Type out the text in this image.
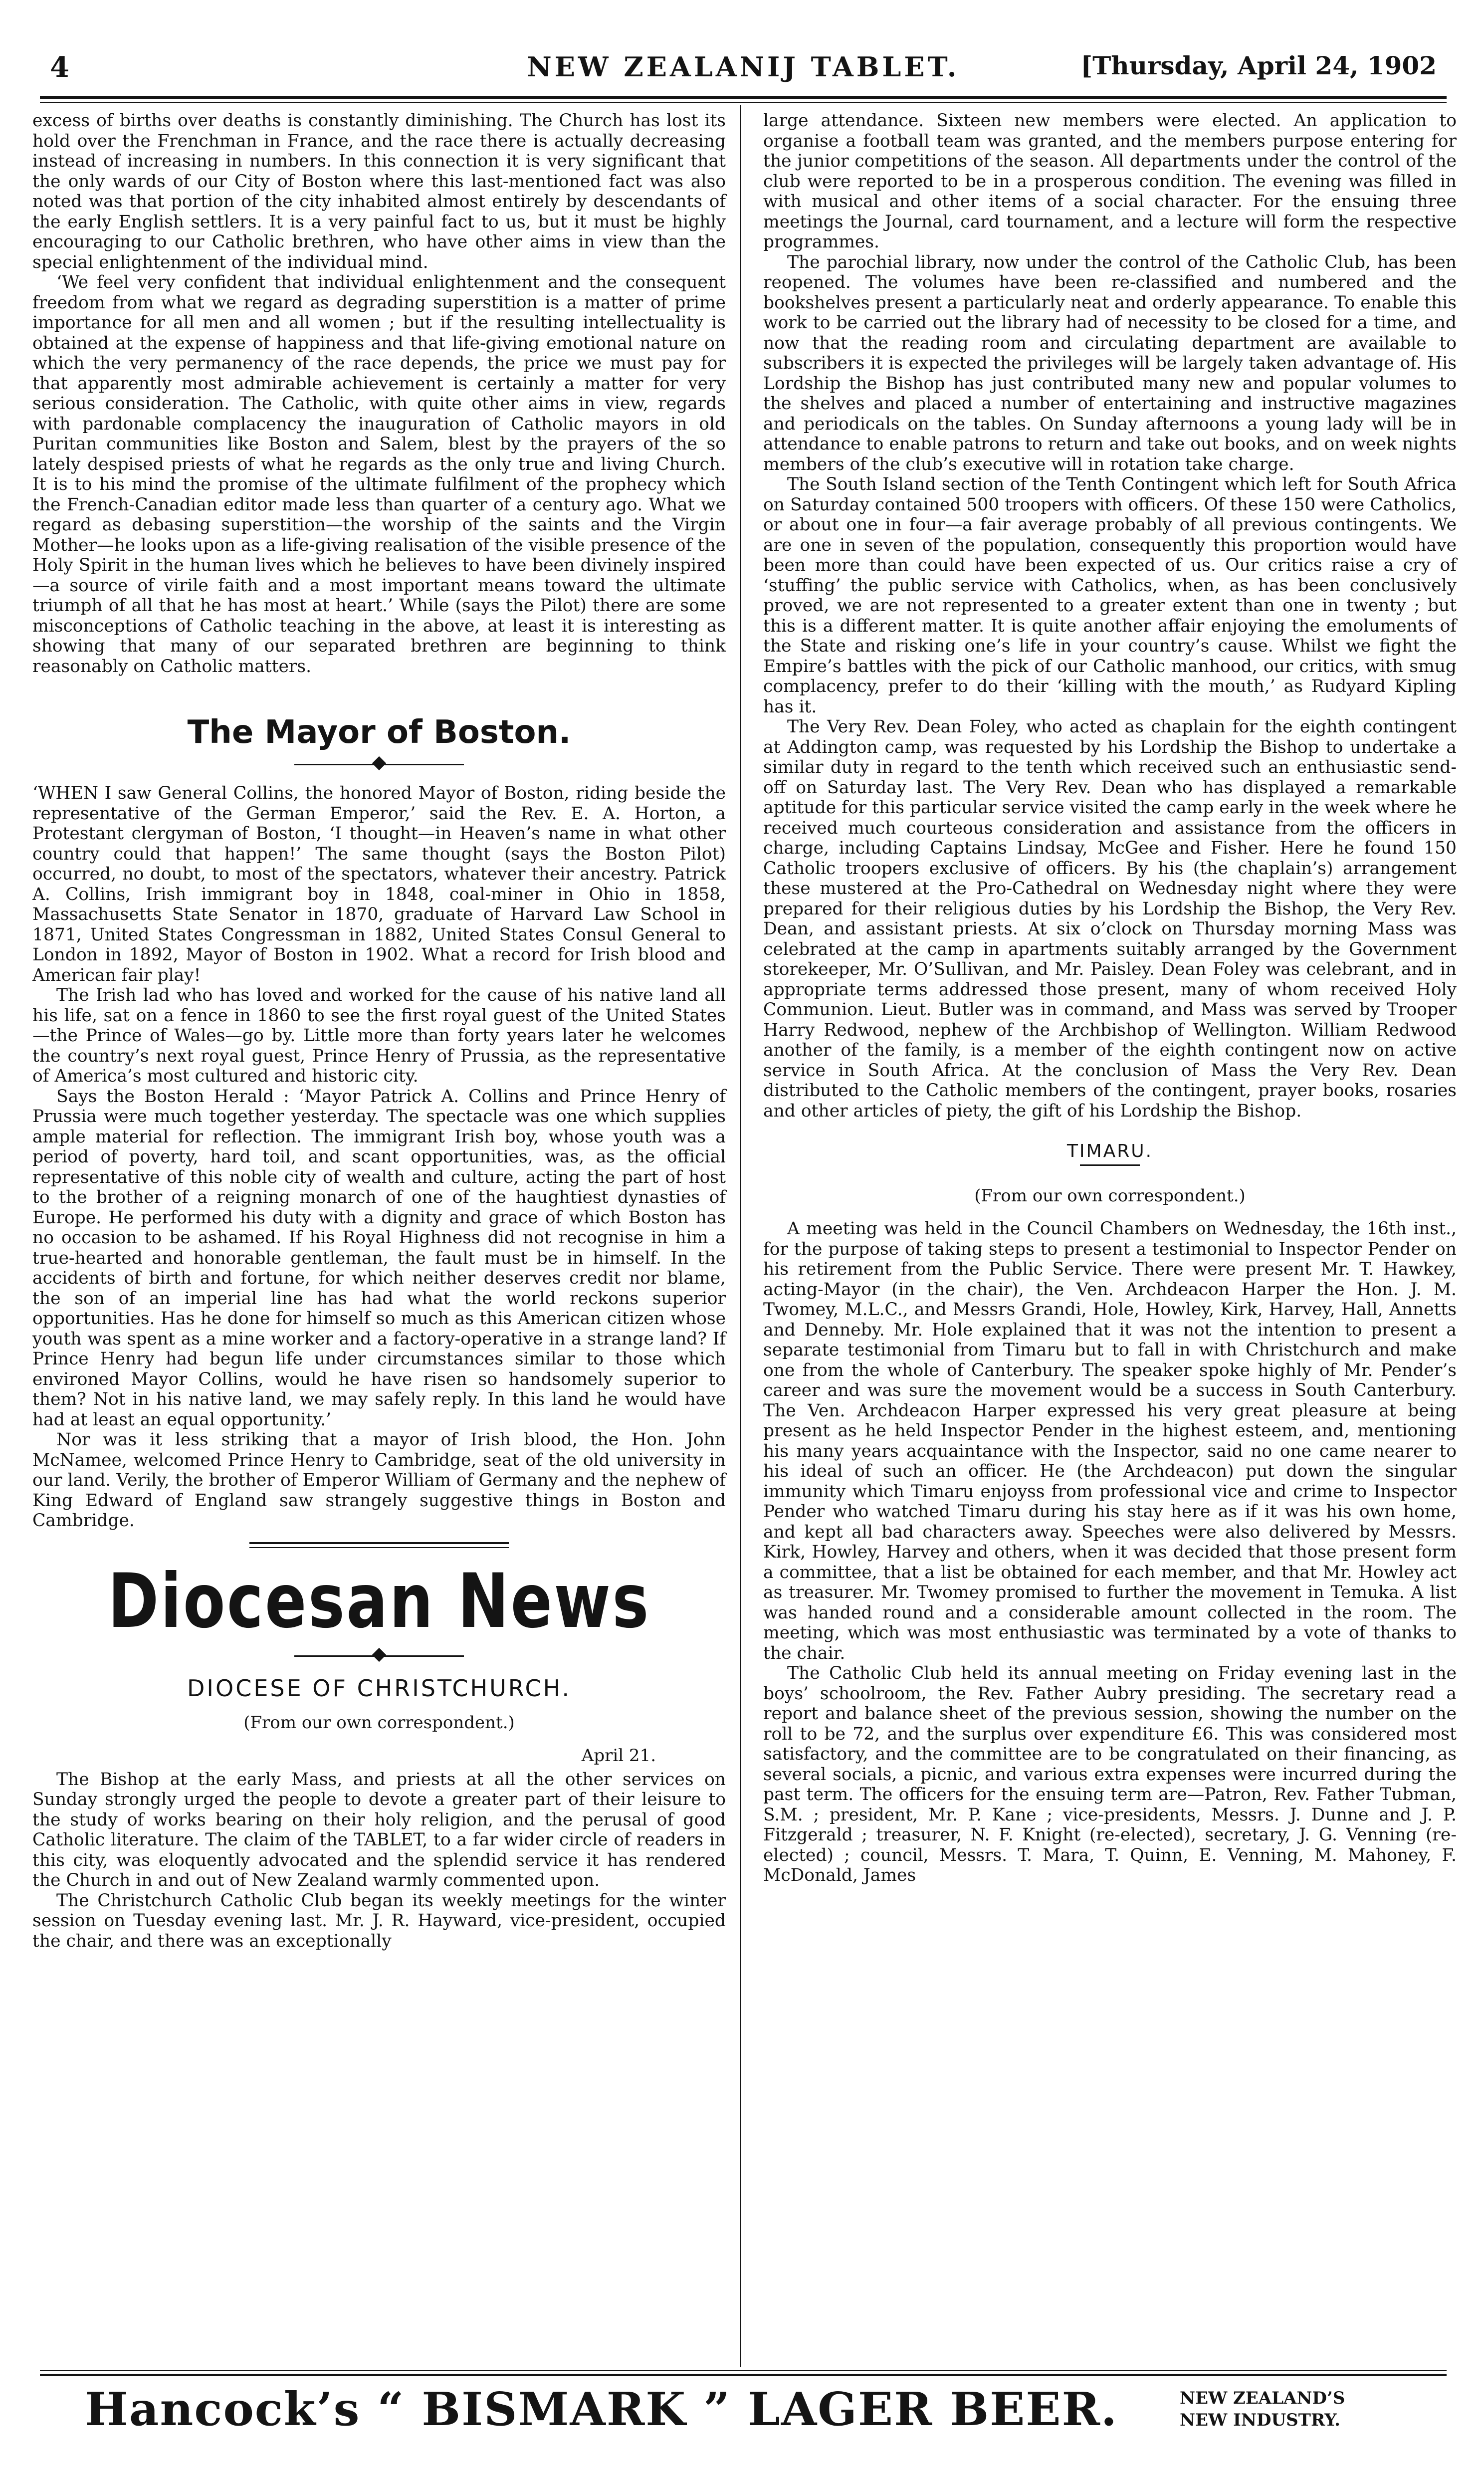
4	NEW ZEALANIJ TABLET.	[Thursday, April 24, 1902

excess of births over deaths is constantly diminishing. The Church has lost its hold over the Frenchman in France, and the race there is actually decreasing instead of increasing in numbers. In this connection it is very significant that the only wards of our City of Boston where this last-mentioned fact was also noted was that portion of the city inhabited almost entirely by descendants of the early English settlers. It is a very painful fact to us, but it must be highly encouraging to our Catholic brethren, who have other aims in view than the special enlightenment of the individual mind.

‘We feel very confident that individual enlightenment and the consequent freedom from what we regard as degrading superstition is a matter of prime importance for all men and all women ; but if the resulting intellectuality is obtained at the expense of happiness and that life-giving emotional nature on which the very permanency of the race depends, the price we must pay for that apparently most admirable achievement is certainly a matter for very serious consideration. The Catholic, with quite other aims in view, regards with pardonable complacency the inauguration of Catholic mayors in old Puritan communities like Boston and Salem, blest by the prayers of the so lately despised priests of what he regards as the only true and living Church. It is to his mind the promise of the ultimate fulfilment of the prophecy which the French-Canadian editor made less than quarter of a century ago. What we regard as debasing superstition—the worship of the saints and the Virgin Mother—he looks upon as a life-giving realisation of the visible presence of the Holy Spirit in the human lives which he believes to have been divinely inspired—a source of virile faith and a most important means toward the ultimate triumph of all that he has most at heart.’ While (says the Pilot) there are some misconceptions of Catholic teaching in the above, at least it is interesting as showing that many of our separated brethren are beginning to think reasonably on Catholic matters.

The Mayor of Boston.

‘WHEN I saw General Collins, the honored Mayor of Boston, riding beside the representative of the German Emperor,’ said the Rev. E. A. Horton, a Protestant clergyman of Boston, ‘I thought—in Heaven’s name in what other country could that happen!’ The same thought (says the Boston Pilot) occurred, no doubt, to most of the spectators, whatever their ancestry. Patrick A. Collins, Irish immigrant boy in 1848, coal-miner in Ohio in 1858, Massachusetts State Senator in 1870, graduate of Harvard Law School in 1871, United States Congressman in 1882, United States Consul General to London in 1892, Mayor of Boston in 1902. What a record for Irish blood and American fair play!

The Irish lad who has loved and worked for the cause of his native land all his life, sat on a fence in 1860 to see the first royal guest of the United States—the Prince of Wales—go by. Little more than forty years later he welcomes the country’s next royal guest, Prince Henry of Prussia, as the representative of America’s most cultured and historic city.

Says the Boston Herald : ‘Mayor Patrick A. Collins and Prince Henry of Prussia were much together yesterday. The spectacle was one which supplies ample material for reflection. The immigrant Irish boy, whose youth was a period of poverty, hard toil, and scant opportunities, was, as the official representative of this noble city of wealth and culture, acting the part of host to the brother of a reigning monarch of one of the haughtiest dynasties of Europe. He performed his duty with a dignity and grace of which Boston has no occasion to be ashamed. If his Royal Highness did not recognise in him a true-hearted and honorable gentleman, the fault must be in himself. In the accidents of birth and fortune, for which neither deserves credit nor blame, the son of an imperial line has had what the world reckons superior opportunities. Has he done for himself so much as this American citizen whose youth was spent as a mine worker and a factory-operative in a strange land? If Prince Henry had begun life under circumstances similar to those which environed Mayor Collins, would he have risen so handsomely superior to them? Not in his native land, we may safely reply. In this land he would have had at least an equal opportunity.’

Nor was it less striking that a mayor of Irish blood, the Hon. John McNamee, welcomed Prince Henry to Cambridge, seat of the old university in our land. Verily, the brother of Emperor William of Germany and the nephew of King Edward of England saw strangely suggestive things in Boston and Cambridge.

Diocesan News
DIOCESE OF CHRISTCHURCH.
(From our own correspondent.)
April 21.

The Bishop at the early Mass, and priests at all the other services on Sunday strongly urged the people to devote a greater part of their leisure to the study of works bearing on their holy religion, and the perusal of good Catholic literature. The claim of the TABLET, to a far wider circle of readers in this city, was eloquently advocated and the splendid service it has rendered the Church in and out of New Zealand warmly commented upon.

The Christchurch Catholic Club began its weekly meetings for the winter session on Tuesday evening last. Mr. J. R. Hayward, vice-president, occupied the chair, and there was an exceptionally

large attendance. Sixteen new members were elected. An application to organise a football team was granted, and the members purpose entering for the junior competitions of the season. All departments under the control of the club were reported to be in a prosperous condition. The evening was filled in with musical and other items of a social character. For the ensuing three meetings the Journal, card tournament, and a lecture will form the respective programmes.

The parochial library, now under the control of the Catholic Club, has been reopened. The volumes have been re-classified and numbered and the bookshelves present a particularly neat and orderly appearance. To enable this work to be carried out the library had of necessity to be closed for a time, and now that the reading room and circulating department are available to subscribers it is expected the privileges will be largely taken advantage of. His Lordship the Bishop has just contributed many new and popular volumes to the shelves and placed a number of entertaining and instructive magazines and periodicals on the tables. On Sunday afternoons a young lady will be in attendance to enable patrons to return and take out books, and on week nights members of the club’s executive will in rotation take charge.

The South Island section of the Tenth Contingent which left for South Africa on Saturday contained 500 troopers with officers. Of these 150 were Catholics, or about one in four—a fair average probably of all previous contingents. We are one in seven of the population, consequently this proportion would have been more than could have been expected of us. Our critics raise a cry of ‘stuffing’ the public service with Catholics, when, as has been conclusively proved, we are not represented to a greater extent than one in twenty ; but this is a different matter. It is quite another affair enjoying the emoluments of the State and risking one’s life in your country’s cause. Whilst we fight the Empire’s battles with the pick of our Catholic manhood, our critics, with smug complacency, prefer to do their ‘killing with the mouth,’ as Rudyard Kipling has it.

The Very Rev. Dean Foley, who acted as chaplain for the eighth contingent at Addington camp, was requested by his Lordship the Bishop to undertake a similar duty in regard to the tenth which received such an enthusiastic send-off on Saturday last. The Very Rev. Dean who has displayed a remarkable aptitude for this particular service visited the camp early in the week where he received much courteous consideration and assistance from the officers in charge, including Captains Lindsay, McGee and Fisher. Here he found 150 Catholic troopers exclusive of officers. By his (the chaplain’s) arrangement these mustered at the Pro-Cathedral on Wednesday night where they were prepared for their religious duties by his Lordship the Bishop, the Very Rev. Dean, and assistant priests. At six o’clock on Thursday morning Mass was celebrated at the camp in apartments suitably arranged by the Government storekeeper, Mr. O’Sullivan, and Mr. Paisley. Dean Foley was celebrant, and in appropriate terms addressed those present, many of whom received Holy Communion. Lieut. Butler was in command, and Mass was served by Trooper Harry Redwood, nephew of the Archbishop of Wellington. William Redwood another of the family, is a member of the eighth contingent now on active service in South Africa. At the conclusion of Mass the Very Rev. Dean distributed to the Catholic members of the contingent, prayer books, rosaries and other articles of piety, the gift of his Lordship the Bishop.

TIMARU.
(From our own correspondent.)

A meeting was held in the Council Chambers on Wednesday, the 16th inst., for the purpose of taking steps to present a testimonial to Inspector Pender on his retirement from the Public Service. There were present Mr. T. Hawkey, acting-Mayor (in the chair), the Ven. Archdeacon Harper the Hon. J. M. Twomey, M.L.C., and Messrs Grandi, Hole, Howley, Kirk, Harvey, Hall, Annetts and Denneby. Mr. Hole explained that it was not the intention to present a separate testimonial from Timaru but to fall in with Christchurch and make one from the whole of Canterbury. The speaker spoke highly of Mr. Pender’s career and was sure the movement would be a success in South Canterbury. The Ven. Archdeacon Harper expressed his very great pleasure at being present as he held Inspector Pender in the highest esteem, and, mentioning his many years acquaintance with the Inspector, said no one came nearer to his ideal of such an officer. He (the Archdeacon) put down the singular immunity which Timaru enjoyss from professional vice and crime to Inspector Pender who watched Timaru during his stay here as if it was his own home, and kept all bad characters away. Speeches were also delivered by Messrs. Kirk, Howley, Harvey and others, when it was decided that those present form a committee, that a list be obtained for each member, and that Mr. Howley act as treasurer. Mr. Twomey promised to further the movement in Temuka. A list was handed round and a considerable amount collected in the room. The meeting, which was most enthusiastic was terminated by a vote of thanks to the chair.

The Catholic Club held its annual meeting on Friday evening last in the boys’ schoolroom, the Rev. Father Aubry presiding. The secretary read a report and balance sheet of the previous session, showing the number on the roll to be 72, and the surplus over expenditure £6. This was considered most satisfactory, and the committee are to be congratulated on their financing, as several socials, a picnic, and various extra expenses were incurred during the past term. The officers for the ensuing term are—Patron, Rev. Father Tubman, S.M. ; president, Mr. P. Kane ; vice-presidents, Messrs. J. Dunne and J. P. Fitzgerald ; treasurer, N. F. Knight (re-elected), secretary, J. G. Venning (re-elected) ; council, Messrs. T. Mara, T. Quinn, E. Venning, M. Mahoney, F. McDonald, James

Hancock’s “ BISMARK ” LAGER BEER.	NEW ZEALAND’S
NEW INDUSTRY.
